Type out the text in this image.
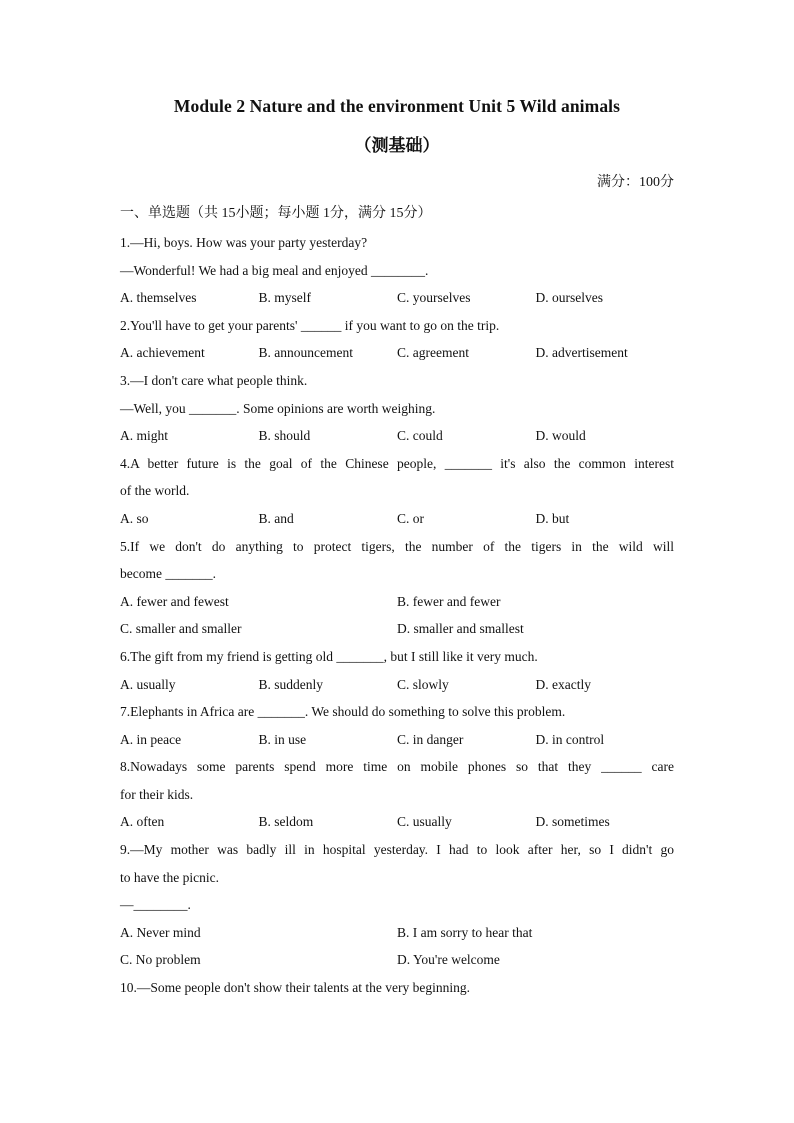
Module 2 Nature and the environment Unit 5 Wild animals
（测基础）
满分：100分
一、单选题（共 15小题；每小题 1分，满分 15分）
1.—Hi, boys. How was your party yesterday?
—Wonderful! We had a big meal and enjoyed ________.
A. themselves	B. myself	C. yourselves	D. ourselves
2.You'll have to get your parents' ______ if you want to go on the trip.
A. achievement	B. announcement	C. agreement	D. advertisement
3.—I don't care what people think.
—Well, you _______. Some opinions are worth weighing.
A. might	B. should	C. could	D. would
4.A better future is the goal of the Chinese people, _______ it's also the common interest
of the world.
A. so	B. and	C. or	D. but
5.If we don't do anything to protect tigers, the number of the tigers in the wild will
become _______.
A. fewer and fewest	B. fewer and fewer
C. smaller and smaller	D. smaller and smallest
6.The gift from my friend is getting old _______, but I still like it very much.
A. usually	B. suddenly	C. slowly	D. exactly
7.Elephants in Africa are _______. We should do something to solve this problem.
A. in peace	B. in use	C. in danger	D. in control
8.Nowadays some parents spend more time on mobile phones so that they ______ care
for their kids.
A. often	B. seldom	C. usually	D. sometimes
9.—My mother was badly ill in hospital yesterday. I had to look after her, so I didn't go
to have the picnic.
—________.
A. Never mind	B. I am sorry to hear that
C. No problem	D. You're welcome
10.—Some people don't show their talents at the very beginning.
